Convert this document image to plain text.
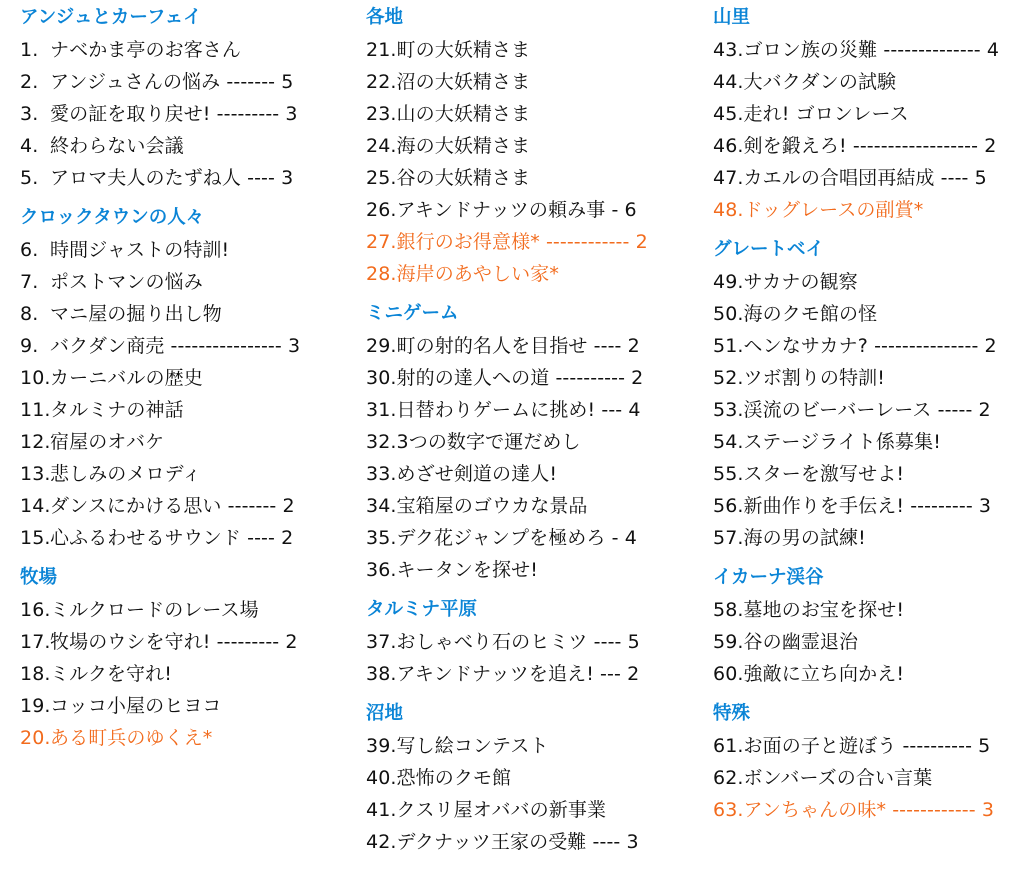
アンジュとカーフェイ
1. ナベかま亭のお客さん
2. アンジュさんの悩み ------- 5
3. 愛の証を取り戻せ! --------- 3
4. 終わらない会議
5. アロマ夫人のたずね人 ---- 3
クロックタウンの人々
6. 時間ジャストの特訓!
7. ポストマンの悩み
8. マニ屋の掘り出し物
9. バクダン商売 ---------------- 3
10.カーニバルの歴史
11.タルミナの神話
12.宿屋のオバケ
13.悲しみのメロディ
14.ダンスにかける思い ------- 2
15.心ふるわせるサウンド ---- 2
牧場
16.ミルクロードのレース場
17.牧場のウシを守れ! --------- 2
18.ミルクを守れ!
19.コッコ小屋のヒヨコ
20.ある町兵のゆくえ*
各地
21.町の大妖精さま
22.沼の大妖精さま
23.山の大妖精さま
24.海の大妖精さま
25.谷の大妖精さま
26.アキンドナッツの頼み事 - 6
27.銀行のお得意様* ------------ 2
28.海岸のあやしい家*
ミニゲーム
29.町の射的名人を目指せ ---- 2
30.射的の達人への道 ---------- 2
31.日替わりゲームに挑め! --- 4
32.3つの数字で運だめし
33.めざせ剣道の達人!
34.宝箱屋のゴウカな景品
35.デク花ジャンプを極めろ - 4
36.キータンを探せ!
タルミナ平原
37.おしゃべり石のヒミツ ---- 5
38.アキンドナッツを追え! --- 2
沼地
39.写し絵コンテスト
40.恐怖のクモ館
41.クスリ屋オババの新事業
42.デクナッツ王家の受難 ---- 3
山里
43.ゴロン族の災難 -------------- 4
44.大バクダンの試験
45.走れ! ゴロンレース
46.剣を鍛えろ! ------------------ 2
47.カエルの合唱団再結成 ---- 5
48.ドッグレースの副賞*
グレートベイ
49.サカナの観察
50.海のクモ館の怪
51.ヘンなサカナ? --------------- 2
52.ツボ割りの特訓!
53.渓流のビーバーレース ----- 2
54.ステージライト係募集!
55.スターを激写せよ!
56.新曲作りを手伝え! --------- 3
57.海の男の試練!
イカーナ渓谷
58.墓地のお宝を探せ!
59.谷の幽霊退治
60.強敵に立ち向かえ!
特殊
61.お面の子と遊ぼう ---------- 5
62.ボンバーズの合い言葉
63.アンちゃんの味* ------------ 3
